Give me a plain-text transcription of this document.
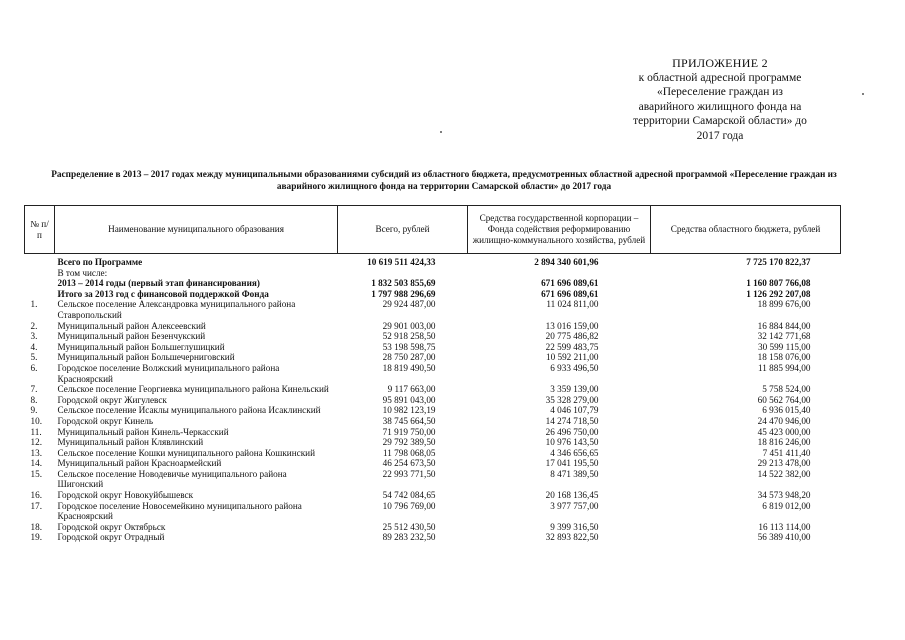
ПРИЛОЖЕНИЕ 2
к областной адресной программе
«Переселение граждан из
аварийного жилищного фонда на
территории Самарской области» до
2017 года
Распределение в 2013 – 2017 годах между муниципальными образованиями субсидий из областного бюджета, предусмотренных областной адресной программой «Переселение граждан из аварийного жилищного фонда на территории Самарской области» до 2017 года
№ п/п	Наименование муниципального образования	Всего, рублей	Средства государственной корпорации – Фонда содействия реформированию жилищно-коммунального хозяйства, рублей	Средства областного бюджета, рублей
	Всего по Программе	10 619 511 424,33	2 894 340 601,96	7 725 170 822,37
	В том числе:			
	2013 – 2014 годы (первый этап финансирования)	1 832 503 855,69	671 696 089,61	1 160 807 766,08
	Итого за 2013 год с финансовой поддержкой Фонда	1 797 988 296,69	671 696 089,61	1 126 292 207,08
1.	Сельское поселение Александровка муниципального района Ставропольский	29 924 487,00	11 024 811,00	18 899 676,00
2.	Муниципальный район Алексеевский	29 901 003,00	13 016 159,00	16 884 844,00
3.	Муниципальный район Безенчукский	52 918 258,50	20 775 486,82	32 142 771,68
4.	Муниципальный район Большеглушицкий	53 198 598,75	22 599 483,75	30 599 115,00
5.	Муниципальный район Большечерниговский	28 750 287,00	10 592 211,00	18 158 076,00
6.	Городское поселение Волжский муниципального района Красноярский	18 819 490,50	6 933 496,50	11 885 994,00
7.	Сельское поселение Георгиевка муниципального района Кинельский	9 117 663,00	3 359 139,00	5 758 524,00
8.	Городской округ Жигулевск	95 891 043,00	35 328 279,00	60 562 764,00
9.	Сельское поселение Исаклы муниципального района Исаклинский	10 982 123,19	4 046 107,79	6 936 015,40
10.	Городской округ Кинель	38 745 664,50	14 274 718,50	24 470 946,00
11.	Муниципальный район Кинель-Черкасский	71 919 750,00	26 496 750,00	45 423 000,00
12.	Муниципальный район Клявлинский	29 792 389,50	10 976 143,50	18 816 246,00
13.	Сельское поселение Кошки муниципального района Кошкинский	11 798 068,05	4 346 656,65	7 451 411,40
14.	Муниципальный район Красноармейский	46 254 673,50	17 041 195,50	29 213 478,00
15.	Сельское поселение Новодевичье муниципального района Шигонский	22 993 771,50	8 471 389,50	14 522 382,00
16.	Городской округ Новокуйбышевск	54 742 084,65	20 168 136,45	34 573 948,20
17.	Городское поселение Новосемейкино муниципального района Красноярский	10 796 769,00	3 977 757,00	6 819 012,00
18.	Городской округ Октябрьск	25 512 430,50	9 399 316,50	16 113 114,00
19.	Городской округ Отрадный	89 283 232,50	32 893 822,50	56 389 410,00
